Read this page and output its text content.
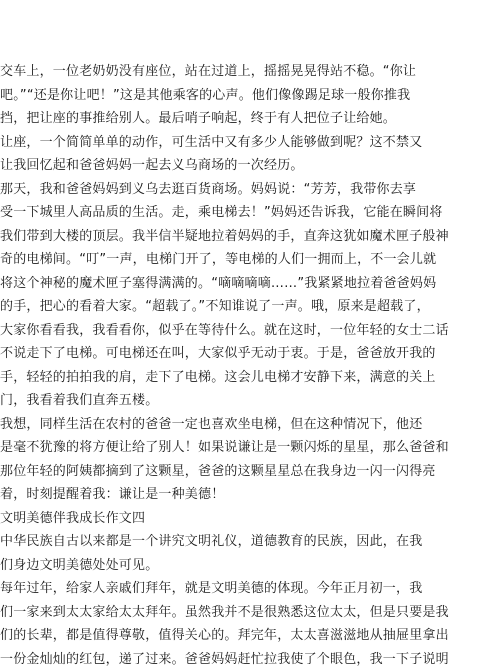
交车上，一位老奶奶没有座位，站在过道上，摇摇晃晃得站不稳。“你让
吧。”“还是你让吧！”这是其他乘客的心声。他们像像踢足球一般你推我
挡，把让座的事推给别人。最后哨子响起，终于有人把位子让给她。
让座，一个简简单单的动作，可生活中又有多少人能够做到呢？这不禁又
让我回忆起和爸爸妈妈一起去义乌商场的一次经历。
那天，我和爸爸妈妈到义乌去逛百货商场。妈妈说：“芳芳，我带你去享
受一下城里人高品质的生活。走，乘电梯去！”妈妈还告诉我，它能在瞬间将
我们带到大楼的顶层。我半信半疑地拉着妈妈的手，直奔这犹如魔术匣子般神
奇的电梯间。“叮”一声，电梯门开了，等电梯的人们一拥而上，不一会儿就
将这个神秘的魔术匣子塞得满满的。“嘀嘀嘀嘀……”我紧紧地拉着爸爸妈妈
的手，把心的看着大家。“超载了。”不知谁说了一声。哦，原来是超载了，
大家你看看我，我看看你，似乎在等待什么。就在这时，一位年轻的女士二话
不说走下了电梯。可电梯还在叫，大家似乎无动于衷。于是，爸爸放开我的
手，轻轻的拍拍我的肩，走下了电梯。这会儿电梯才安静下来，满意的关上
门，我看着我们直奔五楼。
我想，同样生活在农村的爸爸一定也喜欢坐电梯，但在这种情况下，他还
是毫不犹豫的将方便让给了别人！如果说谦让是一颗闪烁的星星，那么爸爸和
那位年轻的阿姨都摘到了这颗星，爸爸的这颗星星总在我身边一闪一闪得亮
着，时刻提醒着我：谦让是一种美德！
文明美德伴我成长作文四
中华民族自古以来都是一个讲究文明礼仪，道德教育的民族，因此，在我
们身边文明美德处处可见。
每年过年，给家人亲戚们拜年，就是文明美德的体现。今年正月初一，我
们一家来到太太家给太太拜年。虽然我并不是很熟悉这位太太，但是只要是我
们的长辈，都是值得尊敬，值得关心的。拜完年，太太喜滋滋地从抽屉里拿出
一份金灿灿的红包，递了过来。爸爸妈妈赶忙拉我使了个眼色，我一下子说明
